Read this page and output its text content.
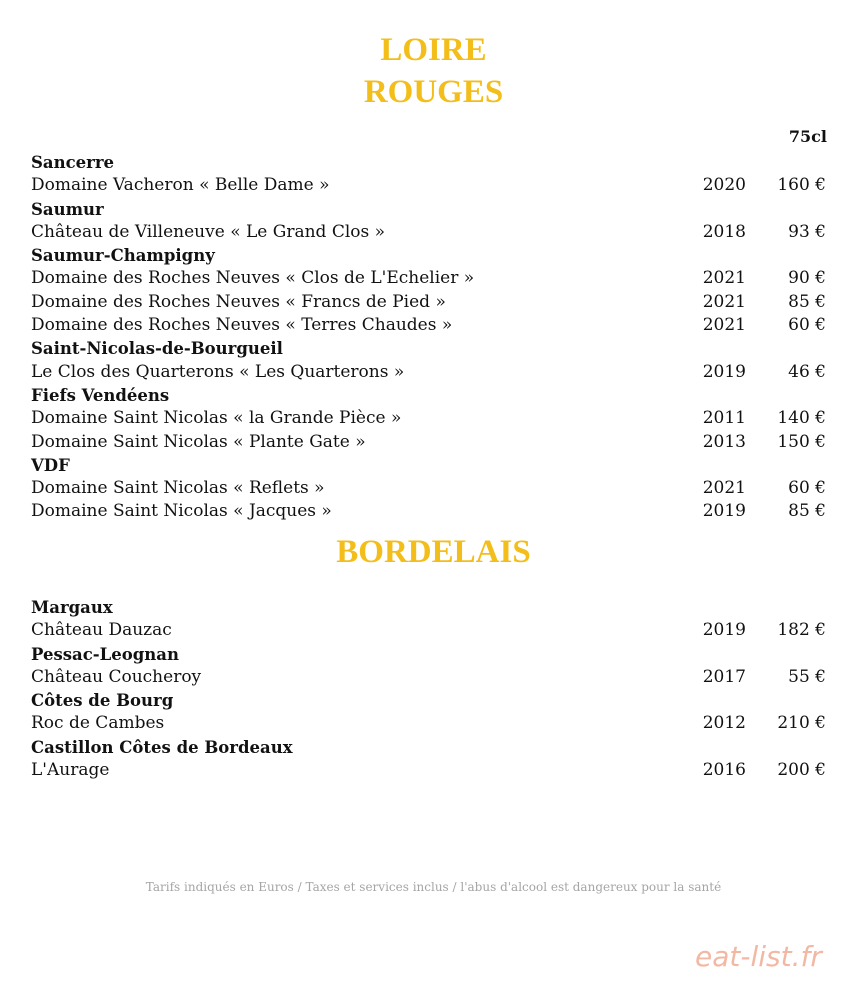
LOIRE
ROUGES
75cl
Sancerre
Domaine Vacheron « Belle Dame »	2020 160 €
Saumur
Château de Villeneuve « Le Grand Clos »	2018 93 €
Saumur-Champigny
Domaine des Roches Neuves « Clos de L'Echelier »	2021 90 €
Domaine des Roches Neuves « Francs de Pied »	2021 85 €
Domaine des Roches Neuves « Terres Chaudes »	2021 60 €
Saint-Nicolas-de-Bourgueil
Le Clos des Quarterons « Les Quarterons »	2019 46 €
Fiefs Vendéens
Domaine Saint Nicolas « la Grande Pièce »	2011 140 €
Domaine Saint Nicolas « Plante Gate »	2013 150 €
VDF
Domaine Saint Nicolas « Reflets »	2021 60 €
Domaine Saint Nicolas « Jacques »	2019 85 €
BORDELAIS
Margaux
Château Dauzac	2019 182 €
Pessac-Leognan
Château Coucheroy	2017 55 €
Côtes de Bourg
Roc de Cambes	2012 210 €
Castillon Côtes de Bordeaux
L'Aurage	2016 200 €
Tarifs indiqués en Euros / Taxes et services inclus / l'abus d'alcool est dangereux pour la santé
eat-list.fr
